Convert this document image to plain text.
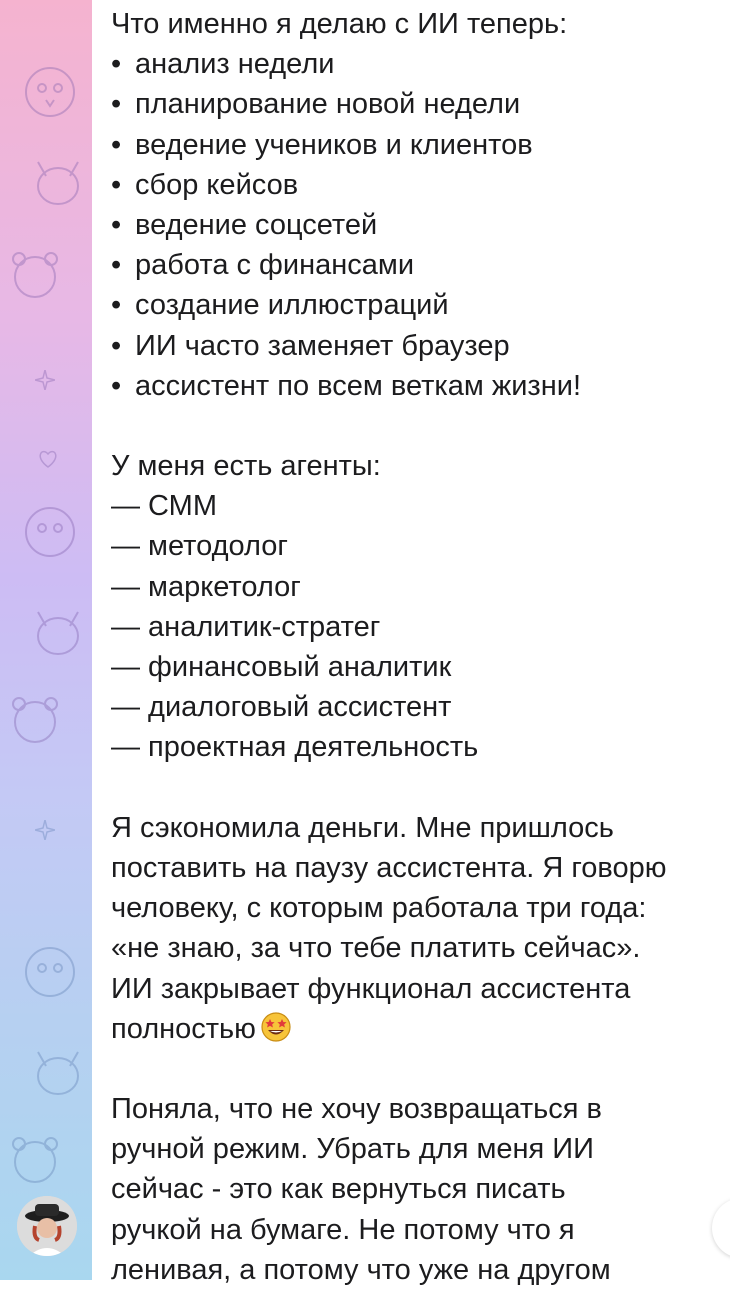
Что именно я делаю с ИИ теперь:
• анализ недели
• планирование новой недели
• ведение учеников и клиентов
• сбор кейсов
• ведение соцсетей
• работа с финансами
• создание иллюстраций
• ИИ часто заменяет браузер
• ассистент по всем веткам жизни!
У меня есть агенты:
— СММ
— методолог
— маркетолог
— аналитик-стратег
— финансовый аналитик
— диалоговый ассистент
— проектная деятельность
Я сэкономила деньги. Мне пришлось
поставить на паузу ассистента. Я говорю
человеку, с которым работала три года:
«не знаю, за что тебе платить сейчас».
ИИ закрывает функционал ассистента
полностью
Поняла, что не хочу возвращаться в
ручной режим. Убрать для меня ИИ
сейчас - это как вернуться писать
ручкой на бумаге. Не потому что я
ленивая, а потому что уже на другом
